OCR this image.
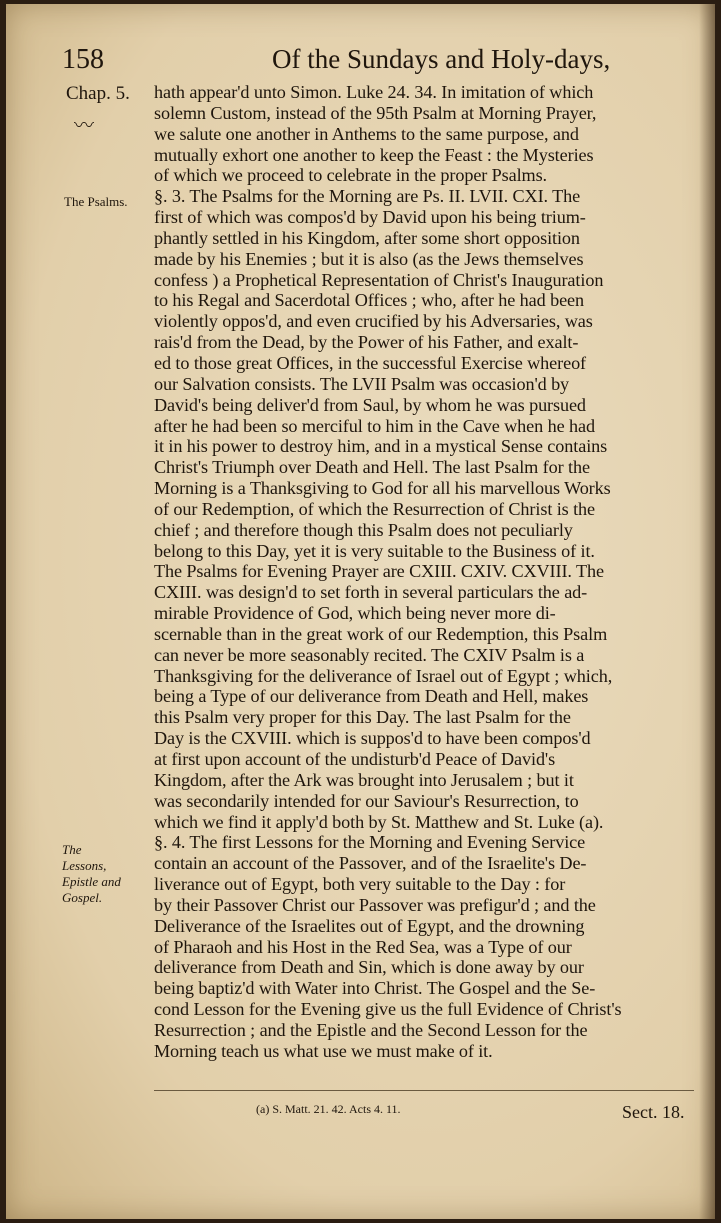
158	Of the Sundays and Holy-days,
Chap. 5.
〰
The Psalms.
The Lessons, Epistle and Gospel.
hath appear'd unto Simon. Luke 24. 34. In imitation of which
solemn Custom, instead of the 95th Psalm at Morning Prayer,
we salute one another in Anthems to the same purpose, and
mutually exhort one another to keep the Feast : the Mysteries
of which we proceed to celebrate in the proper Psalms.
§. 3. The Psalms for the Morning are Ps. II. LVII. CXI. The
first of which was compos'd by David upon his being trium-
phantly settled in his Kingdom, after some short opposition
made by his Enemies ; but it is also (as the Jews themselves
confess ) a Prophetical Representation of Christ's Inauguration
to his Regal and Sacerdotal Offices ; who, after he had been
violently oppos'd, and even crucified by his Adversaries, was
rais'd from the Dead, by the Power of his Father, and exalt-
ed to those great Offices, in the successful Exercise whereof
our Salvation consists. The LVII Psalm was occasion'd by
David's being deliver'd from Saul, by whom he was pursued
after he had been so merciful to him in the Cave when he had
it in his power to destroy him, and in a mystical Sense contains
Christ's Triumph over Death and Hell. The last Psalm for the
Morning is a Thanksgiving to God for all his marvellous Works
of our Redemption, of which the Resurrection of Christ is the
chief ; and therefore though this Psalm does not peculiarly
belong to this Day, yet it is very suitable to the Business of it.
The Psalms for Evening Prayer are CXIII. CXIV. CXVIII. The
CXIII. was design'd to set forth in several particulars the ad-
mirable Providence of God, which being never more di-
scernable than in the great work of our Redemption, this Psalm
can never be more seasonably recited. The CXIV Psalm is a
Thanksgiving for the deliverance of Israel out of Egypt ; which,
being a Type of our deliverance from Death and Hell, makes
this Psalm very proper for this Day. The last Psalm for the
Day is the CXVIII. which is suppos'd to have been compos'd
at first upon account of the undisturb'd Peace of David's
Kingdom, after the Ark was brought into Jerusalem ; but it
was secondarily intended for our Saviour's Resurrection, to
which we find it apply'd both by St. Matthew and St. Luke (a).
§. 4. The first Lessons for the Morning and Evening Service
contain an account of the Passover, and of the Israelite's De-
liverance out of Egypt, both very suitable to the Day : for
by their Passover Christ our Passover was prefigur'd ; and the
Deliverance of the Israelites out of Egypt, and the drowning
of Pharaoh and his Host in the Red Sea, was a Type of our
deliverance from Death and Sin, which is done away by our
being baptiz'd with Water into Christ. The Gospel and the Se-
cond Lesson for the Evening give us the full Evidence of Christ's
Resurrection ; and the Epistle and the Second Lesson for the
Morning teach us what use we must make of it.
(a) S. Matt. 21. 42. Acts 4. 11.	Sect. 18.
